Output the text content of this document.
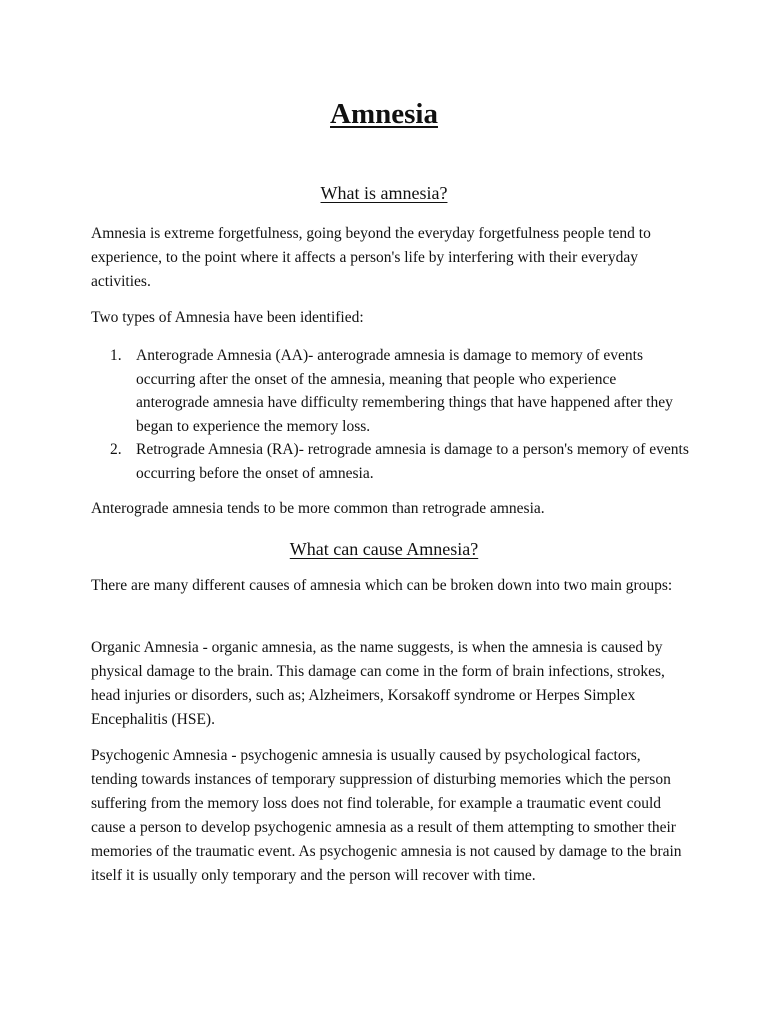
Amnesia
What is amnesia?

Amnesia is extreme forgetfulness, going beyond the everyday forgetfulness people tend to experience, to the point where it affects a person's life by interfering with their everyday activities.

Two types of Amnesia have been identified:

1. Anterograde Amnesia (AA)- anterograde amnesia is damage to memory of events occurring after the onset of the amnesia, meaning that people who experience anterograde amnesia have difficulty remembering things that have happened after they began to experience the memory loss.
2. Retrograde Amnesia (RA)- retrograde amnesia is damage to a person's memory of events occurring before the onset of amnesia.

Anterograde amnesia tends to be more common than retrograde amnesia.

What can cause Amnesia?

There are many different causes of amnesia which can be broken down into two main groups:

Organic Amnesia - organic amnesia, as the name suggests, is when the amnesia is caused by physical damage to the brain. This damage can come in the form of brain infections, strokes, head injuries or disorders, such as; Alzheimers, Korsakoff syndrome or Herpes Simplex Encephalitis (HSE).

Psychogenic Amnesia - psychogenic amnesia is usually caused by psychological factors, tending towards instances of temporary suppression of disturbing memories which the person suffering from the memory loss does not find tolerable, for example a traumatic event could cause a person to develop psychogenic amnesia as a result of them attempting to smother their memories of the traumatic event. As psychogenic amnesia is not caused by damage to the brain itself it is usually only temporary and the person will recover with time.
